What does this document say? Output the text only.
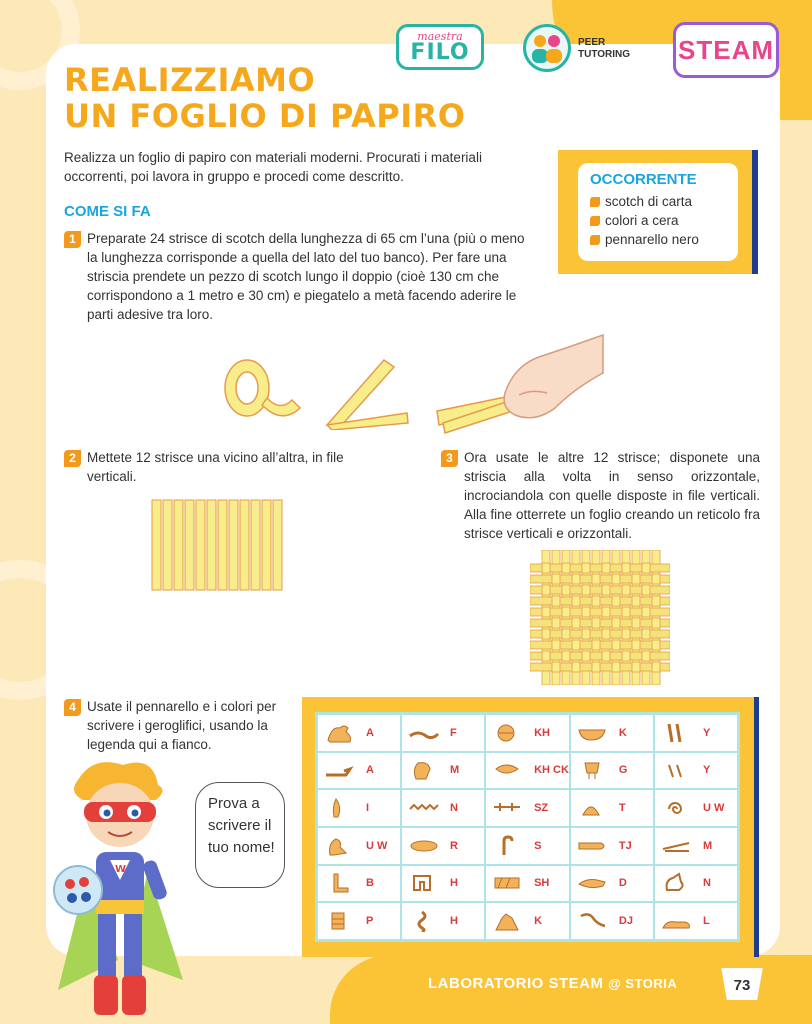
maestra
FILO	PEER
TUTORING STEAM
REALIZZIAMO
UN FOGLIO DI PAPIRO
Realizza un foglio di papiro con materiali moderni. Procurati i materiali occorrenti, poi lavora in gruppo e procedi come descritto.	OCCORRENTE
scotch di carta
colori a cera
pennarello nero
COME SI FA
1 Preparate 24 strisce di scotch della lunghezza di 65 cm l’una (più o meno la lunghezza corrisponde a quella del lato del tuo banco). Per fare una striscia prendete un pezzo di scotch lungo il doppio (cioè 130 cm che corrispondono a 1 metro e 30 cm) e piegatelo a metà facendo aderire le parti adesive tra loro.
2 Mettete 12 strisce una vicino all’altra, in file verticali.
3 Ora usate le altre 12 strisce; disponete una striscia alla volta in senso orizzontale, incrociandola con quelle disposte in file verticali. Alla fine otterrete un foglio creando un reticolo fra strisce verticali e orizzontali.
4 Usate il pennarello e i colori per scrivere i geroglifici, usando la legenda qui a fianco.
W
Prova a scrivere il tuo nome!
A	F	KH	K	Y
A	M	KH CK	G	Y
I	N	SZ	T	U W
U W	R	S	TJ	M
B	H	SH	D	N
P	H	K	DJ	L
LABORATORIO STEAM @ STORIA	73
